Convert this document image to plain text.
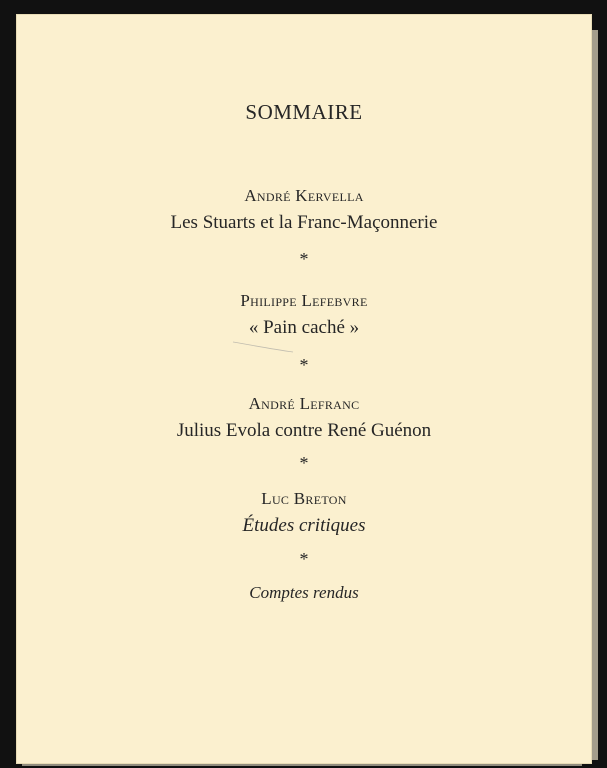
SOMMAIRE
André Kervella
Les Stuarts et la Franc-Maçonnerie
*
Philippe Lefebvre
« Pain caché »
*
André Lefranc
Julius Evola contre René Guénon
*
Luc Breton
Études critiques
*
Comptes rendus
